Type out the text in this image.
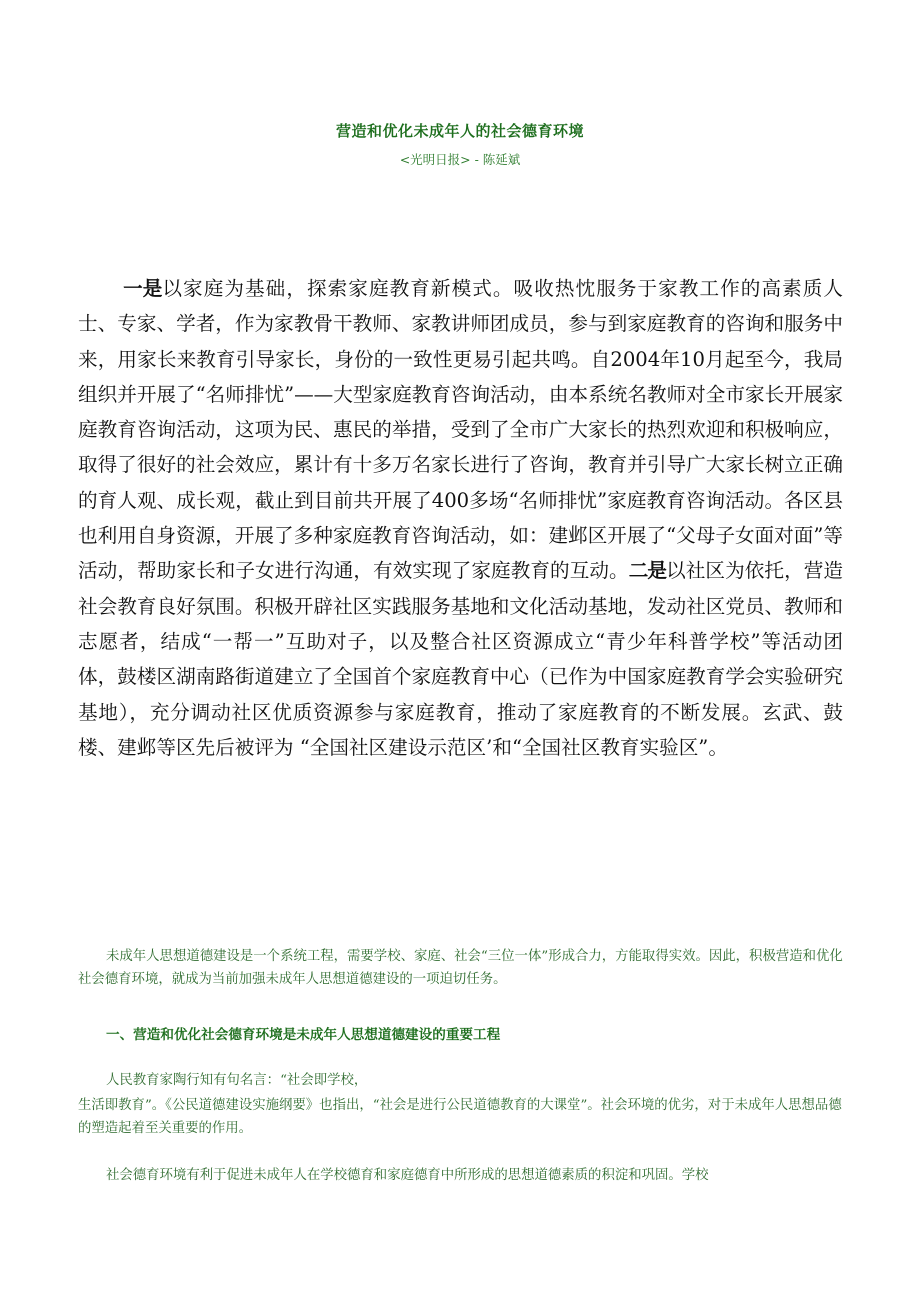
营造和优化未成年人的社会德育环境
<光明日报> - 陈延斌

一是以家庭为基础，探索家庭教育新模式。吸收热忱服务于家教工作的高素质人士、专家、学者，作为家教骨干教师、家教讲师团成员，参与到家庭教育的咨询和服务中来，用家长来教育引导家长，身份的一致性更易引起共鸣。自2004年10月起至今，我局组织并开展了“名师排忧”——大型家庭教育咨询活动，由本系统名教师对全市家长开展家庭教育咨询活动，这项为民、惠民的举措，受到了全市广大家长的热烈欢迎和积极响应，取得了很好的社会效应，累计有十多万名家长进行了咨询，教育并引导广大家长树立正确的育人观、成长观，截止到目前共开展了400多场“名师排忧”家庭教育咨询活动。各区县也利用自身资源，开展了多种家庭教育咨询活动，如：建邺区开展了“父母子女面对面”等活动，帮助家长和子女进行沟通，有效实现了家庭教育的互动。二是以社区为依托，营造社会教育良好氛围。积极开辟社区实践服务基地和文化活动基地，发动社区党员、教师和志愿者，结成“一帮一”互助对子，以及整合社区资源成立“青少年科普学校”等活动团体，鼓楼区湖南路街道建立了全国首个家庭教育中心（已作为中国家庭教育学会实验研究基地），充分调动社区优质资源参与家庭教育，推动了家庭教育的不断发展。玄武、鼓楼、建邺等区先后被评为 “全国社区建设示范区’和“全国社区教育实验区”。

未成年人思想道德建设是一个系统工程，需要学校、家庭、社会“三位一体”形成合力，方能取得实效。因此，积极营造和优化社会德育环境，就成为当前加强未成年人思想道德建设的一项迫切任务。

一、营造和优化社会德育环境是未成年人思想道德建设的重要工程

人民教育家陶行知有句名言：“社会即学校，

生活即教育”。《公民道德建设实施纲要》也指出，“社会是进行公民道德教育的大课堂”。社会环境的优劣，对于未成年人思想品德的塑造起着至关重要的作用。

社会德育环境有利于促进未成年人在学校德育和家庭德育中所形成的思想道德素质的积淀和巩固。学校
